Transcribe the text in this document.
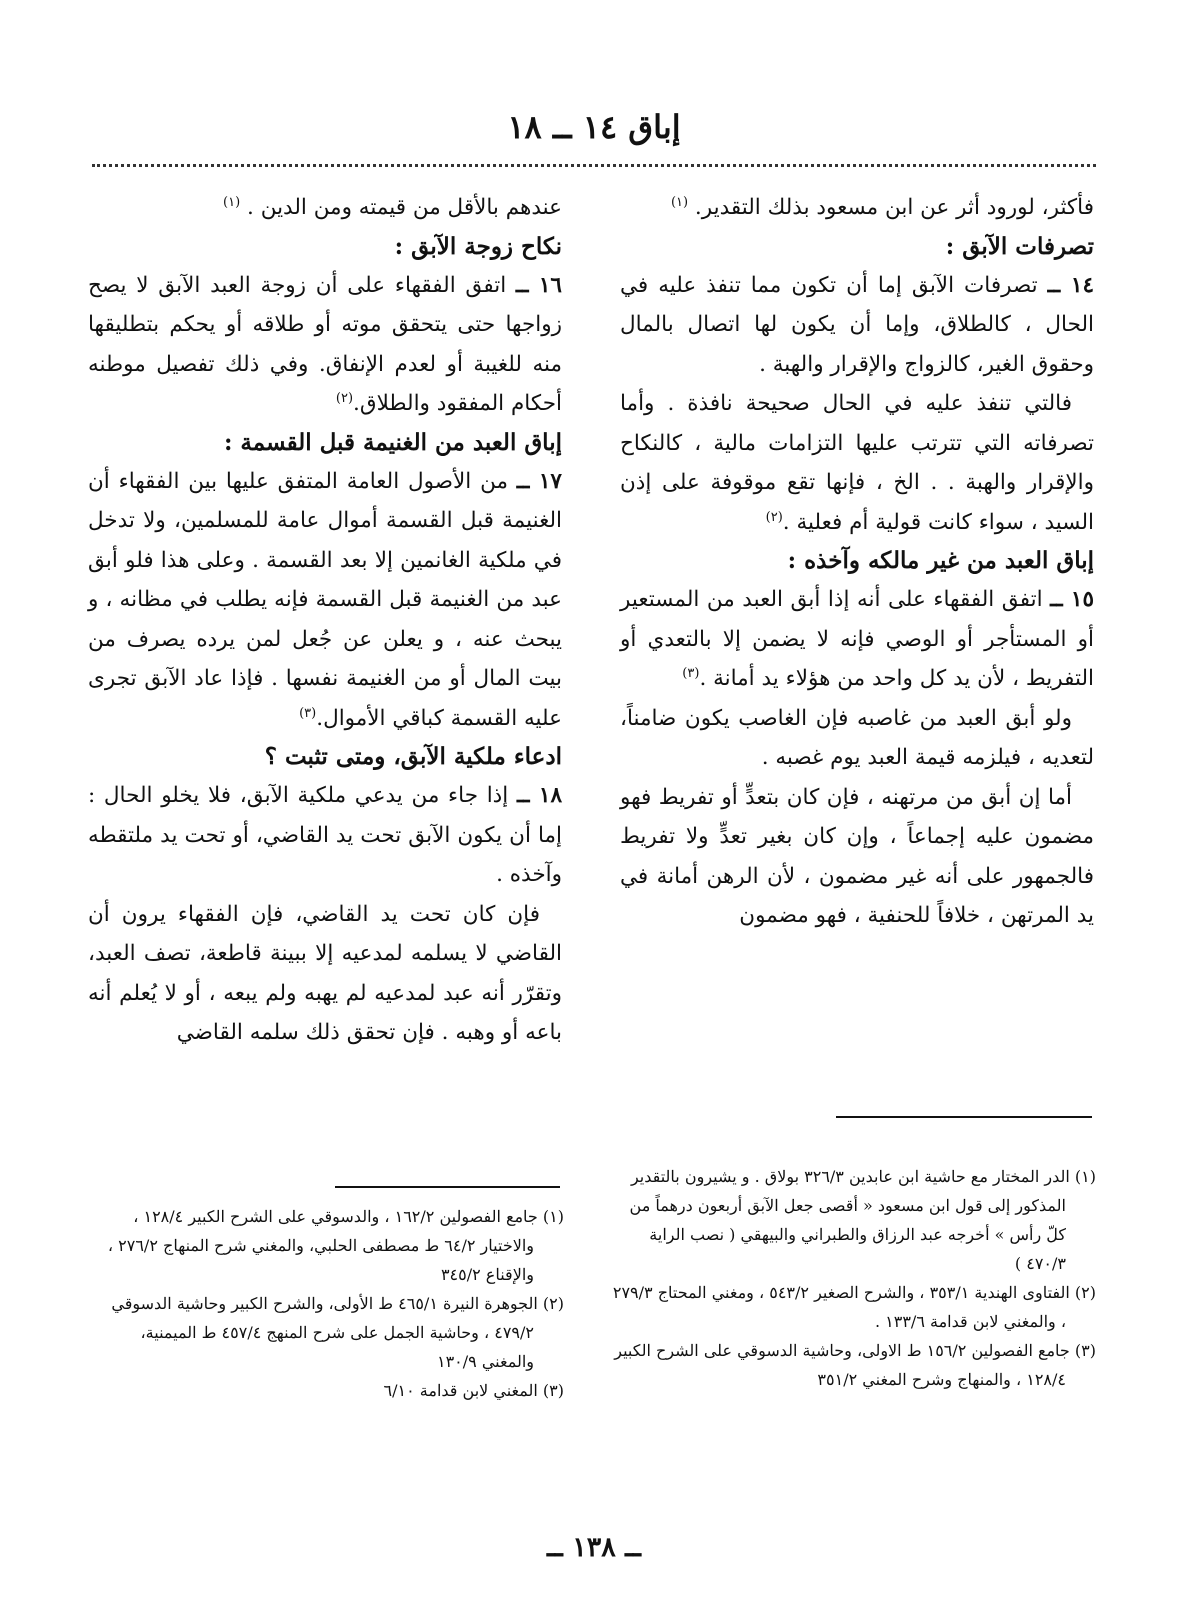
إباق ١٤ ــ ١٨

فأكثر، لورود أثر عن ابن مسعود بذلك التقدير. $^{(١)}$

تصرفات الآبق :

١٤ ــ تصرفات الآبق إما أن تكون مما تنفذ عليه في الحال ، كالطلاق، وإما أن يكون لها اتصال بالمال وحقوق الغير، كالزواج والإقرار والهبة .

فالتي تنفذ عليه في الحال صحيحة نافذة . وأما تصرفاته التي تترتب عليها التزامات مالية ، كالنكاح والإقرار والهبة . . الخ ، فإنها تقع موقوفة على إذن السيد ، سواء كانت قولية أم فعلية .$^{(٢)}$

إباق العبد من غير مالكه وآخذه :

١٥ ــ اتفق الفقهاء على أنه إذا أبق العبد من المستعير أو المستأجر أو الوصي فإنه لا يضمن إلا بالتعدي أو التفريط ، لأن يد كل واحد من هؤلاء يد أمانة .$^{(٣)}$

ولو أبق العبد من غاصبه فإن الغاصب يكون ضامناً، لتعديه ، فيلزمه قيمة العبد يوم غصبه .

أما إن أبق من مرتهنه ، فإن كان بتعدٍّ أو تفريط فهو مضمون عليه إجماعاً ، وإن كان بغير تعدٍّ ولا تفريط فالجمهور على أنه غير مضمون ، لأن الرهن أمانة في يد المرتهن ، خلافاً للحنفية ، فهو مضمون

عندهم بالأقل من قيمته ومن الدين . $^{(١)}$

نكاح زوجة الآبق :

١٦ ــ اتفق الفقهاء على أن زوجة العبد الآبق لا يصح زواجها حتى يتحقق موته أو طلاقه أو يحكم بتطليقها منه للغيبة أو لعدم الإنفاق. وفي ذلك تفصيل موطنه أحكام المفقود والطلاق.$^{(٢)}$

إباق العبد من الغنيمة قبل القسمة :

١٧ ــ من الأصول العامة المتفق عليها بين الفقهاء أن الغنيمة قبل القسمة أموال عامة للمسلمين، ولا تدخل في ملكية الغانمين إلا بعد القسمة . وعلى هذا فلو أبق عبد من الغنيمة قبل القسمة فإنه يطلب في مظانه ، و يبحث عنه ، و يعلن عن جُعل لمن يرده يصرف من بيت المال أو من الغنيمة نفسها . فإذا عاد الآبق تجرى عليه القسمة كباقي الأموال.$^{(٣)}$

ادعاء ملكية الآبق، ومتى تثبت ؟

١٨ ــ إذا جاء من يدعي ملكية الآبق، فلا يخلو الحال : إما أن يكون الآبق تحت يد القاضي، أو تحت يد ملتقطه وآخذه .

فإن كان تحت يد القاضي، فإن الفقهاء يرون أن القاضي لا يسلمه لمدعيه إلا ببينة قاطعة، تصف العبد، وتقرّر أنه عبد لمدعيه لم يهبه ولم يبعه ، أو لا يُعلم أنه باعه أو وهبه . فإن تحقق ذلك سلمه القاضي

(١) الدر المختار مع حاشية ابن عابدين ٣٢٦/٣ بولاق . و يشيرون بالتقدير المذكور إلى قول ابن مسعود « أقصى جعل الآبق أربعون درهماً من كلّ رأس » أخرجه عبد الرزاق والطبراني والبيهقي ( نصب الراية ٤٧٠/٣ )

(٢) الفتاوى الهندية ٣٥٣/١ ، والشرح الصغير ٥٤٣/٢ ، ومغني المحتاج ٢٧٩/٣ ، والمغني لابن قدامة ١٣٣/٦ .

(٣) جامع الفصولين ١٥٦/٢ ط الاولى، وحاشية الدسوقي على الشرح الكبير ١٢٨/٤ ، والمنهاج وشرح المغني ٣٥١/٢

(١) جامع الفصولين ١٦٢/٢ ، والدسوقي على الشرح الكبير ١٢٨/٤ ، والاختيار ٦٤/٢ ط مصطفى الحلبي، والمغني شرح المنهاج ٢٧٦/٢ ، والإقناع ٣٤٥/٢

(٢) الجوهرة النيرة ٤٦٥/١ ط الأولى، والشرح الكبير وحاشية الدسوقي ٤٧٩/٢ ، وحاشية الجمل على شرح المنهج ٤٥٧/٤ ط الميمنية، والمغني ١٣٠/٩

(٣) المغني لابن قدامة ٦/١٠

ــ ١٣٨ ــ
